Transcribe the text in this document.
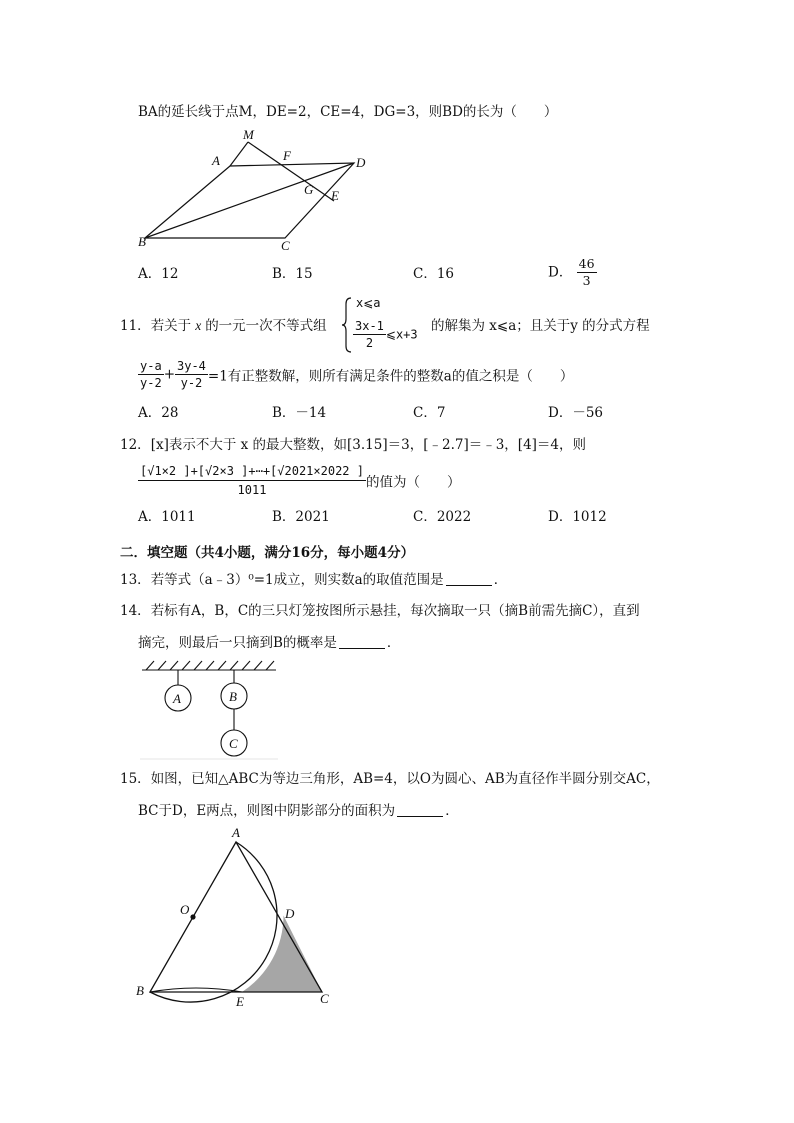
BA的延长线于点M，DE=2，CE=4，DG=3，则BD的长为（　　）
M
A	F	D
G E
B	C
A．12	B．15	C．16	D． $\frac{46}{3}$
11．若关于 x 的一元一次不等式组
x⩽a
$\frac{3x-1}{2}$ ⩽x+3
的解集为 x⩽a；且关于y 的分式方程
$\frac{y-a}{y-2} + \frac{3y-4}{y-2} =1$有正整数解，则所有满足条件的整数a的值之积是（　　）
A．28	B．－14	C．7	D．－56
12．[x]表示不大于 x 的最大整数，如[3.15]＝3，[﹣2.7]＝﹣3，[4]＝4，则
$\frac{[√1\times 2 ]+[√2\times 3 ]+\cdots+[√2021\times 2022 ]}{1011}$ 的值为（　　）
A．1011	B．2021	C．2022	D．1012
二．填空题（共4小题，满分16分，每小题4分）
13．若等式（a﹣3）⁰=1成立，则实数a的取值范围是	．
14．若标有A，B，C的三只灯笼按图所示悬挂，每次摘取一只（摘B前需先摘C），直到
摘完，则最后一只摘到B的概率是	．
A	B
C
15．如图，已知△ABC为等边三角形，AB=4，以O为圆心、AB为直径作半圆分别交AC，
BC于D，E两点，则图中阴影部分的面积为	．
A
O	D
B
E	C
